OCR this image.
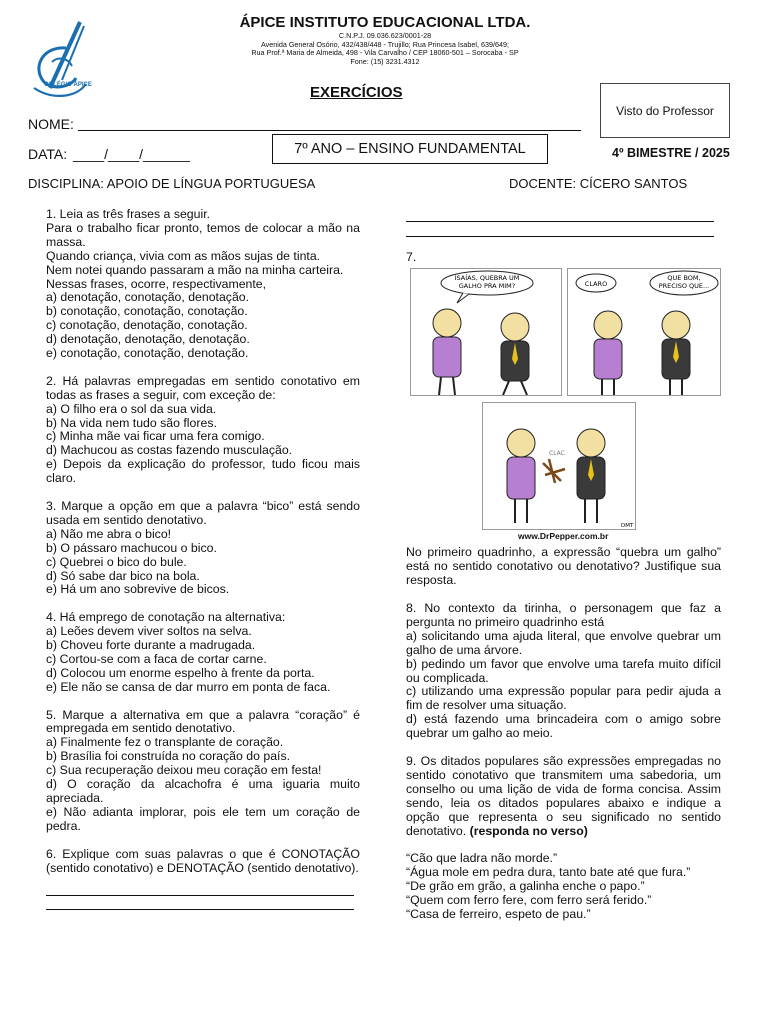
COLÉGIO ÁPICE
ÁPICE INSTITUTO EDUCACIONAL LTDA.
C.N.P.J. 09.036.623/0001-28
Avenida General Osório, 432/438/448 - Trujillo; Rua Princesa Isabel, 639/649;
Rua Prof.ª Maria de Almeida, 498 - Vila Carvalho / CEP 18060-501 – Sorocaba - SP
Fone: (15) 3231.4312
EXERCÍCIOS
Visto do Professor
NOME:
DATA: ____/____/______	7º ANO – ENSINO FUNDAMENTAL	4º BIMESTRE / 2025
DISCIPLINA: APOIO DE LÍNGUA PORTUGUESA	DOCENTE: CÍCERO SANTOS

1. Leia as três frases a seguir.

Para o trabalho ficar pronto, temos de colocar a mão na massa.

Quando criança, vivia com as mãos sujas de tinta.

Nem notei quando passaram a mão na minha carteira.

Nessas frases, ocorre, respectivamente,

a) denotação, conotação, denotação.

b) conotação, conotação, conotação.

c) conotação, denotação, conotação.

d) denotação, denotação, denotação.

e) conotação, conotação, denotação.

2. Há palavras empregadas em sentido conotativo em todas as frases a seguir, com exceção de:

a) O filho era o sol da sua vida.

b) Na vida nem tudo são flores.

c) Minha mãe vai ficar uma fera comigo.

d) Machucou as costas fazendo musculação.

e) Depois da explicação do professor, tudo ficou mais claro.

3. Marque a opção em que a palavra “bico” está sendo usada em sentido denotativo.

a) Não me abra o bico!

b) O pássaro machucou o bico.

c) Quebrei o bico do bule.

d) Só sabe dar bico na bola.

e) Há um ano sobrevive de bicos.

4. Há emprego de conotação na alternativa:

a) Leões devem viver soltos na selva.

b) Choveu forte durante a madrugada.

c) Cortou-se com a faca de cortar carne.

d) Colocou um enorme espelho à frente da porta.

e) Ele não se cansa de dar murro em ponta de faca.

5. Marque a alternativa em que a palavra “coração” é empregada em sentido denotativo.

a) Finalmente fez o transplante de coração.

b) Brasília foi construída no coração do país.

c) Sua recuperação deixou meu coração em festa!

d) O coração da alcachofra é uma iguaria muito apreciada.

e) Não adianta implorar, pois ele tem um coração de pedra.

6. Explique com suas palavras o que é CONOTAÇÃO (sentido conotativo) e DENOTAÇÃO (sentido denotativo).

7.
ISAÍAS, QUEBRA UM
GALHO PRA MIM?	CLARO
QUE BOM,
PRECISO QUE...
CLAC
DMT
www.DrPepper.com.br

No primeiro quadrinho, a expressão “quebra um galho” está no sentido conotativo ou denotativo? Justifique sua resposta.

8. No contexto da tirinha, o personagem que faz a pergunta no primeiro quadrinho está

a) solicitando uma ajuda literal, que envolve quebrar um galho de uma árvore.

b) pedindo um favor que envolve uma tarefa muito difícil ou complicada.

c) utilizando uma expressão popular para pedir ajuda a fim de resolver uma situação.

d) está fazendo uma brincadeira com o amigo sobre quebrar um galho ao meio.

9. Os ditados populares são expressões empregadas no sentido conotativo que transmitem uma sabedoria, um conselho ou uma lição de vida de forma concisa. Assim sendo, leia os ditados populares abaixo e indique a opção que representa o seu significado no sentido denotativo. (responda no verso)

“Cão que ladra não morde.”

“Água mole em pedra dura, tanto bate até que fura.”

“De grão em grão, a galinha enche o papo.”

“Quem com ferro fere, com ferro será ferido.”

“Casa de ferreiro, espeto de pau.”
